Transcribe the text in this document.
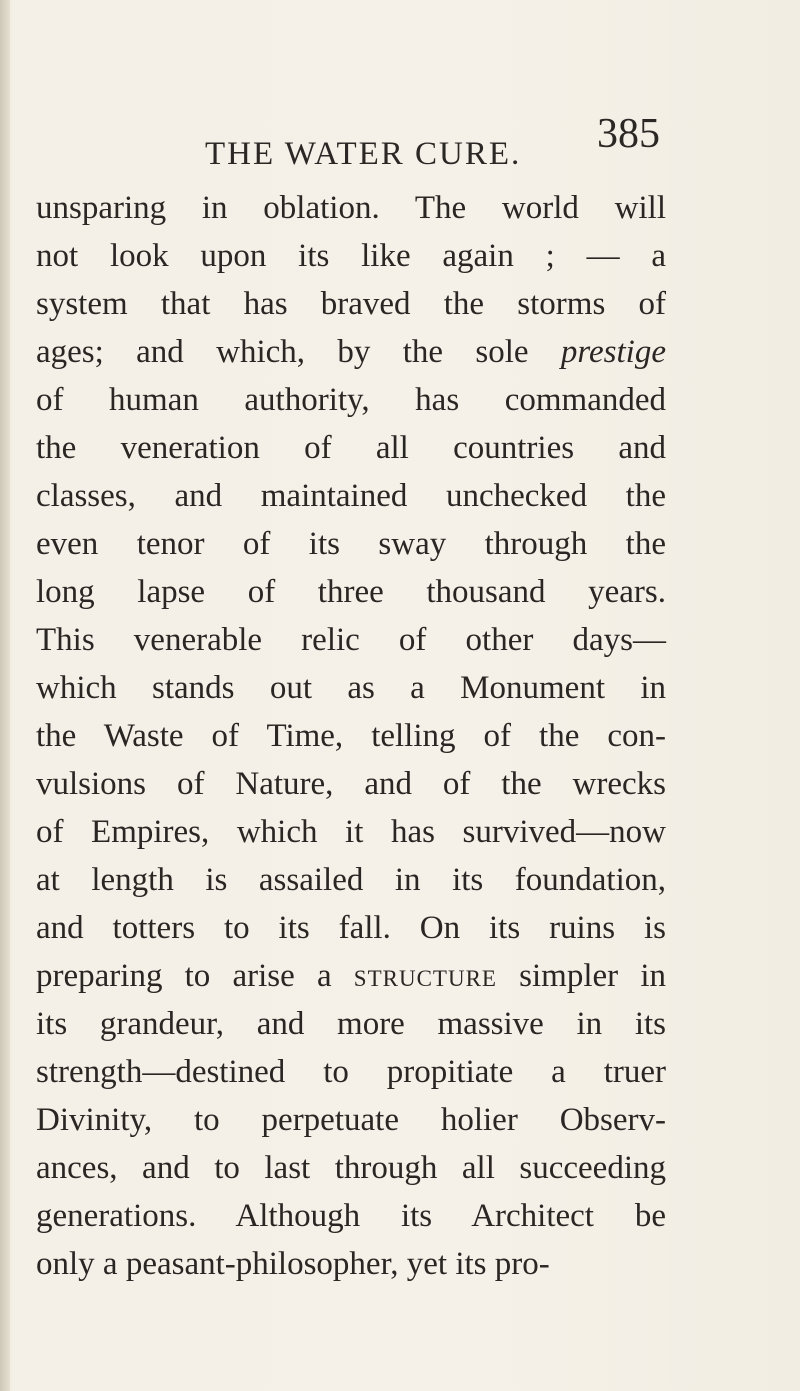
THE WATER CURE. 385
unsparing in oblation. The world will
not look upon its like again ; — a
system that has braved the storms of
ages; and which, by the sole prestige
of human authority, has commanded
the veneration of all countries and
classes, and maintained unchecked the
even tenor of its sway through the
long lapse of three thousand years.
This venerable relic of other days—
which stands out as a Monument in
the Waste of Time, telling of the con-
vulsions of Nature, and of the wrecks
of Empires, which it has survived—now
at length is assailed in its foundation,
and totters to its fall. On its ruins is
preparing to arise a structure simpler in
its grandeur, and more massive in its
strength—destined to propitiate a truer
Divinity, to perpetuate holier Observ-
ances, and to last through all succeeding
generations. Although its Architect be
only a peasant-philosopher, yet its pro-
